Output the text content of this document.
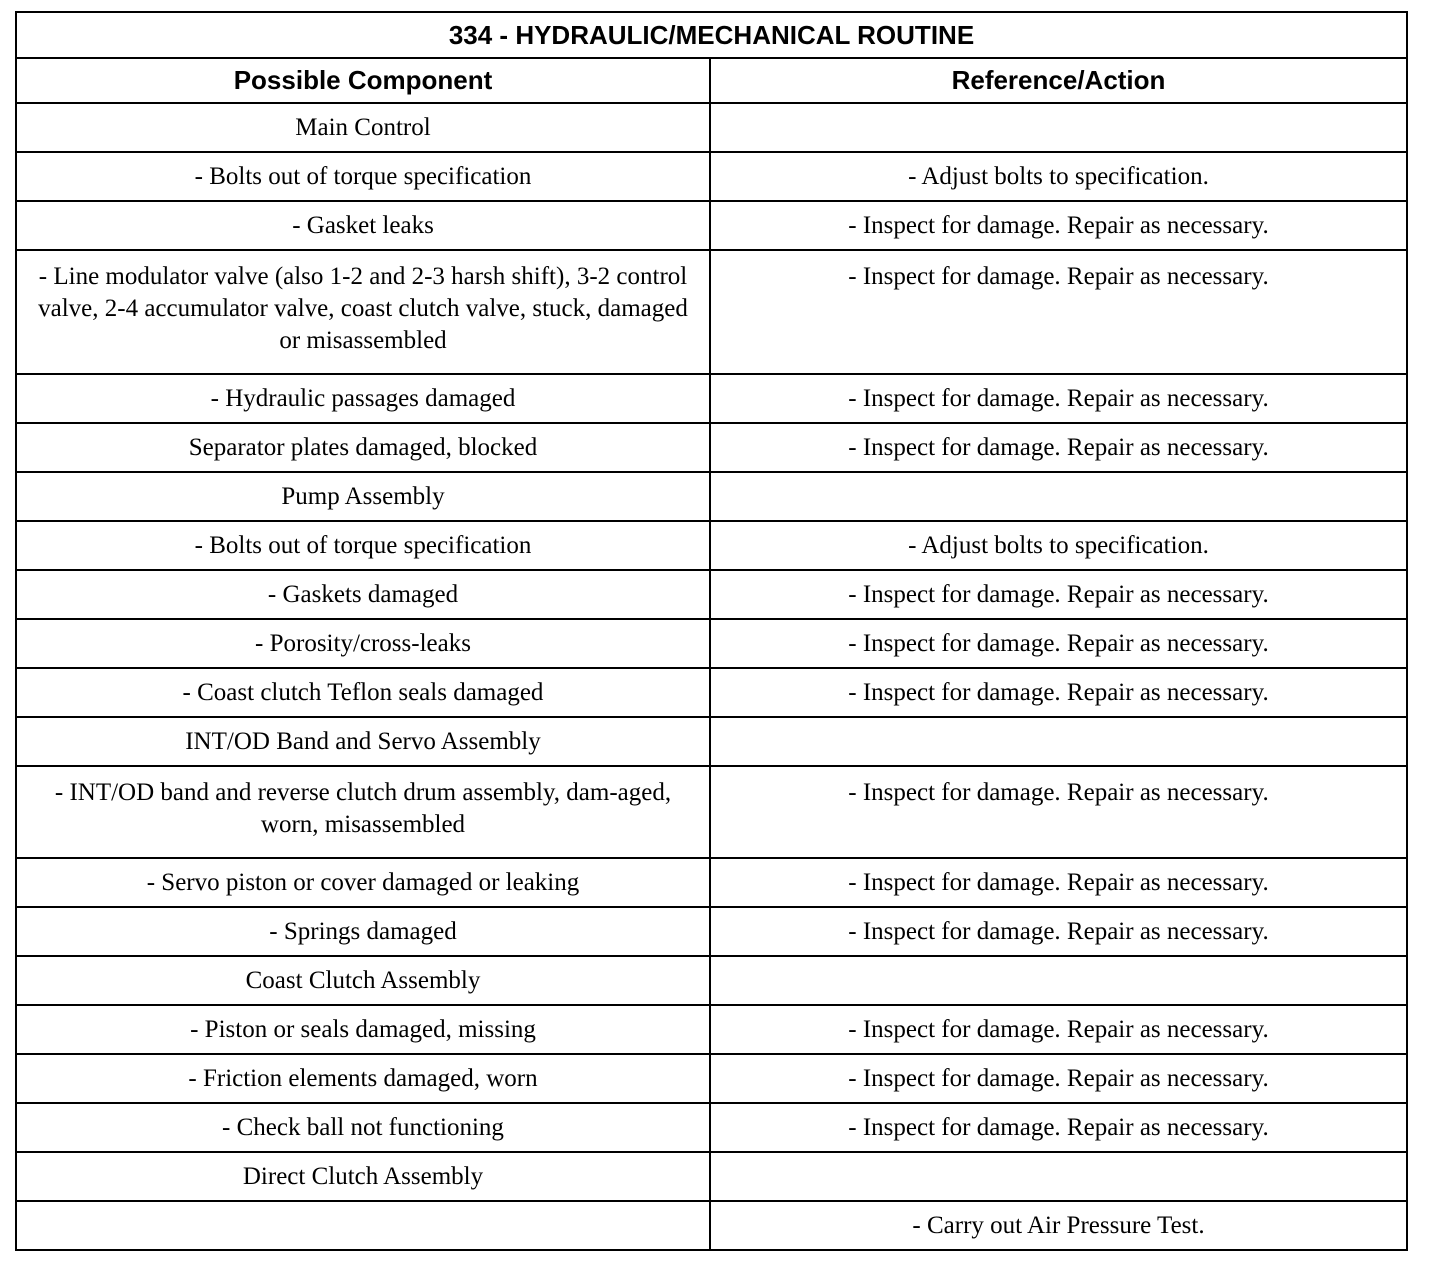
334 - HYDRAULIC/MECHANICAL ROUTINE	
Possible Component	Reference/Action
Main Control	
- Bolts out of torque specification	- Adjust bolts to specification.
- Gasket leaks	- Inspect for damage. Repair as necessary.
- Line modulator valve (also 1-2 and 2-3 harsh shift), 3-2 control valve, 2-4 accumulator valve, coast clutch valve, stuck, damaged or misassembled	- Inspect for damage. Repair as necessary.
- Hydraulic passages damaged	- Inspect for damage. Repair as necessary.
Separator plates damaged, blocked	- Inspect for damage. Repair as necessary.
Pump Assembly	
- Bolts out of torque specification	- Adjust bolts to specification.
- Gaskets damaged	- Inspect for damage. Repair as necessary.
- Porosity/cross-leaks	- Inspect for damage. Repair as necessary.
- Coast clutch Teflon seals damaged	- Inspect for damage. Repair as necessary.
INT/OD Band and Servo Assembly	
- INT/OD band and reverse clutch drum assembly, dam-aged, worn, misassembled	- Inspect for damage. Repair as necessary.
- Servo piston or cover damaged or leaking	- Inspect for damage. Repair as necessary.
- Springs damaged	- Inspect for damage. Repair as necessary.
Coast Clutch Assembly	
- Piston or seals damaged, missing	- Inspect for damage. Repair as necessary.
- Friction elements damaged, worn	- Inspect for damage. Repair as necessary.
- Check ball not functioning	- Inspect for damage. Repair as necessary.
Direct Clutch Assembly	
	- Carry out Air Pressure Test.
